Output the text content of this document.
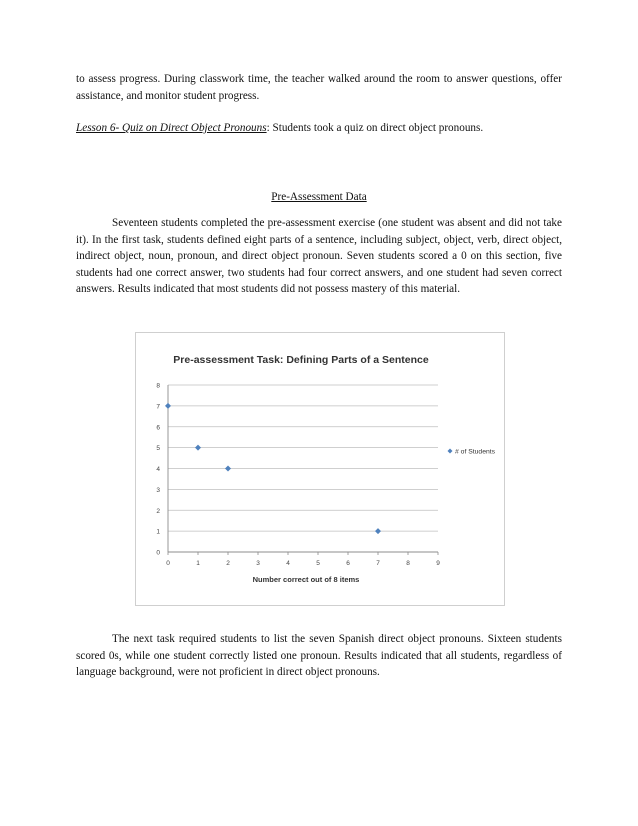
to assess progress. During classwork time, the teacher walked around the room to answer questions, offer assistance, and monitor student progress.
Lesson 6- Quiz on Direct Object Pronouns: Students took a quiz on direct object pronouns.
Pre-Assessment Data
Seventeen students completed the pre-assessment exercise (one student was absent and did not take it). In the first task, students defined eight parts of a sentence, including subject, object, verb, direct object, indirect object, noun, pronoun, and direct object pronoun. Seven students scored a 0 on this section, five students had one correct answer, two students had four correct answers, and one student had seven correct answers. Results indicated that most students did not possess mastery of this material.
Pre-assessment Task: Defining Parts of a Sentence
0
1
2
3
4
5
6
7
8
0	1	2	3	4	5	6	7	8	9
Number correct out of 8 items
# of Students
The next task required students to list the seven Spanish direct object pronouns. Sixteen students scored 0s, while one student correctly listed one pronoun. Results indicated that all students, regardless of language background, were not proficient in direct object pronouns.
